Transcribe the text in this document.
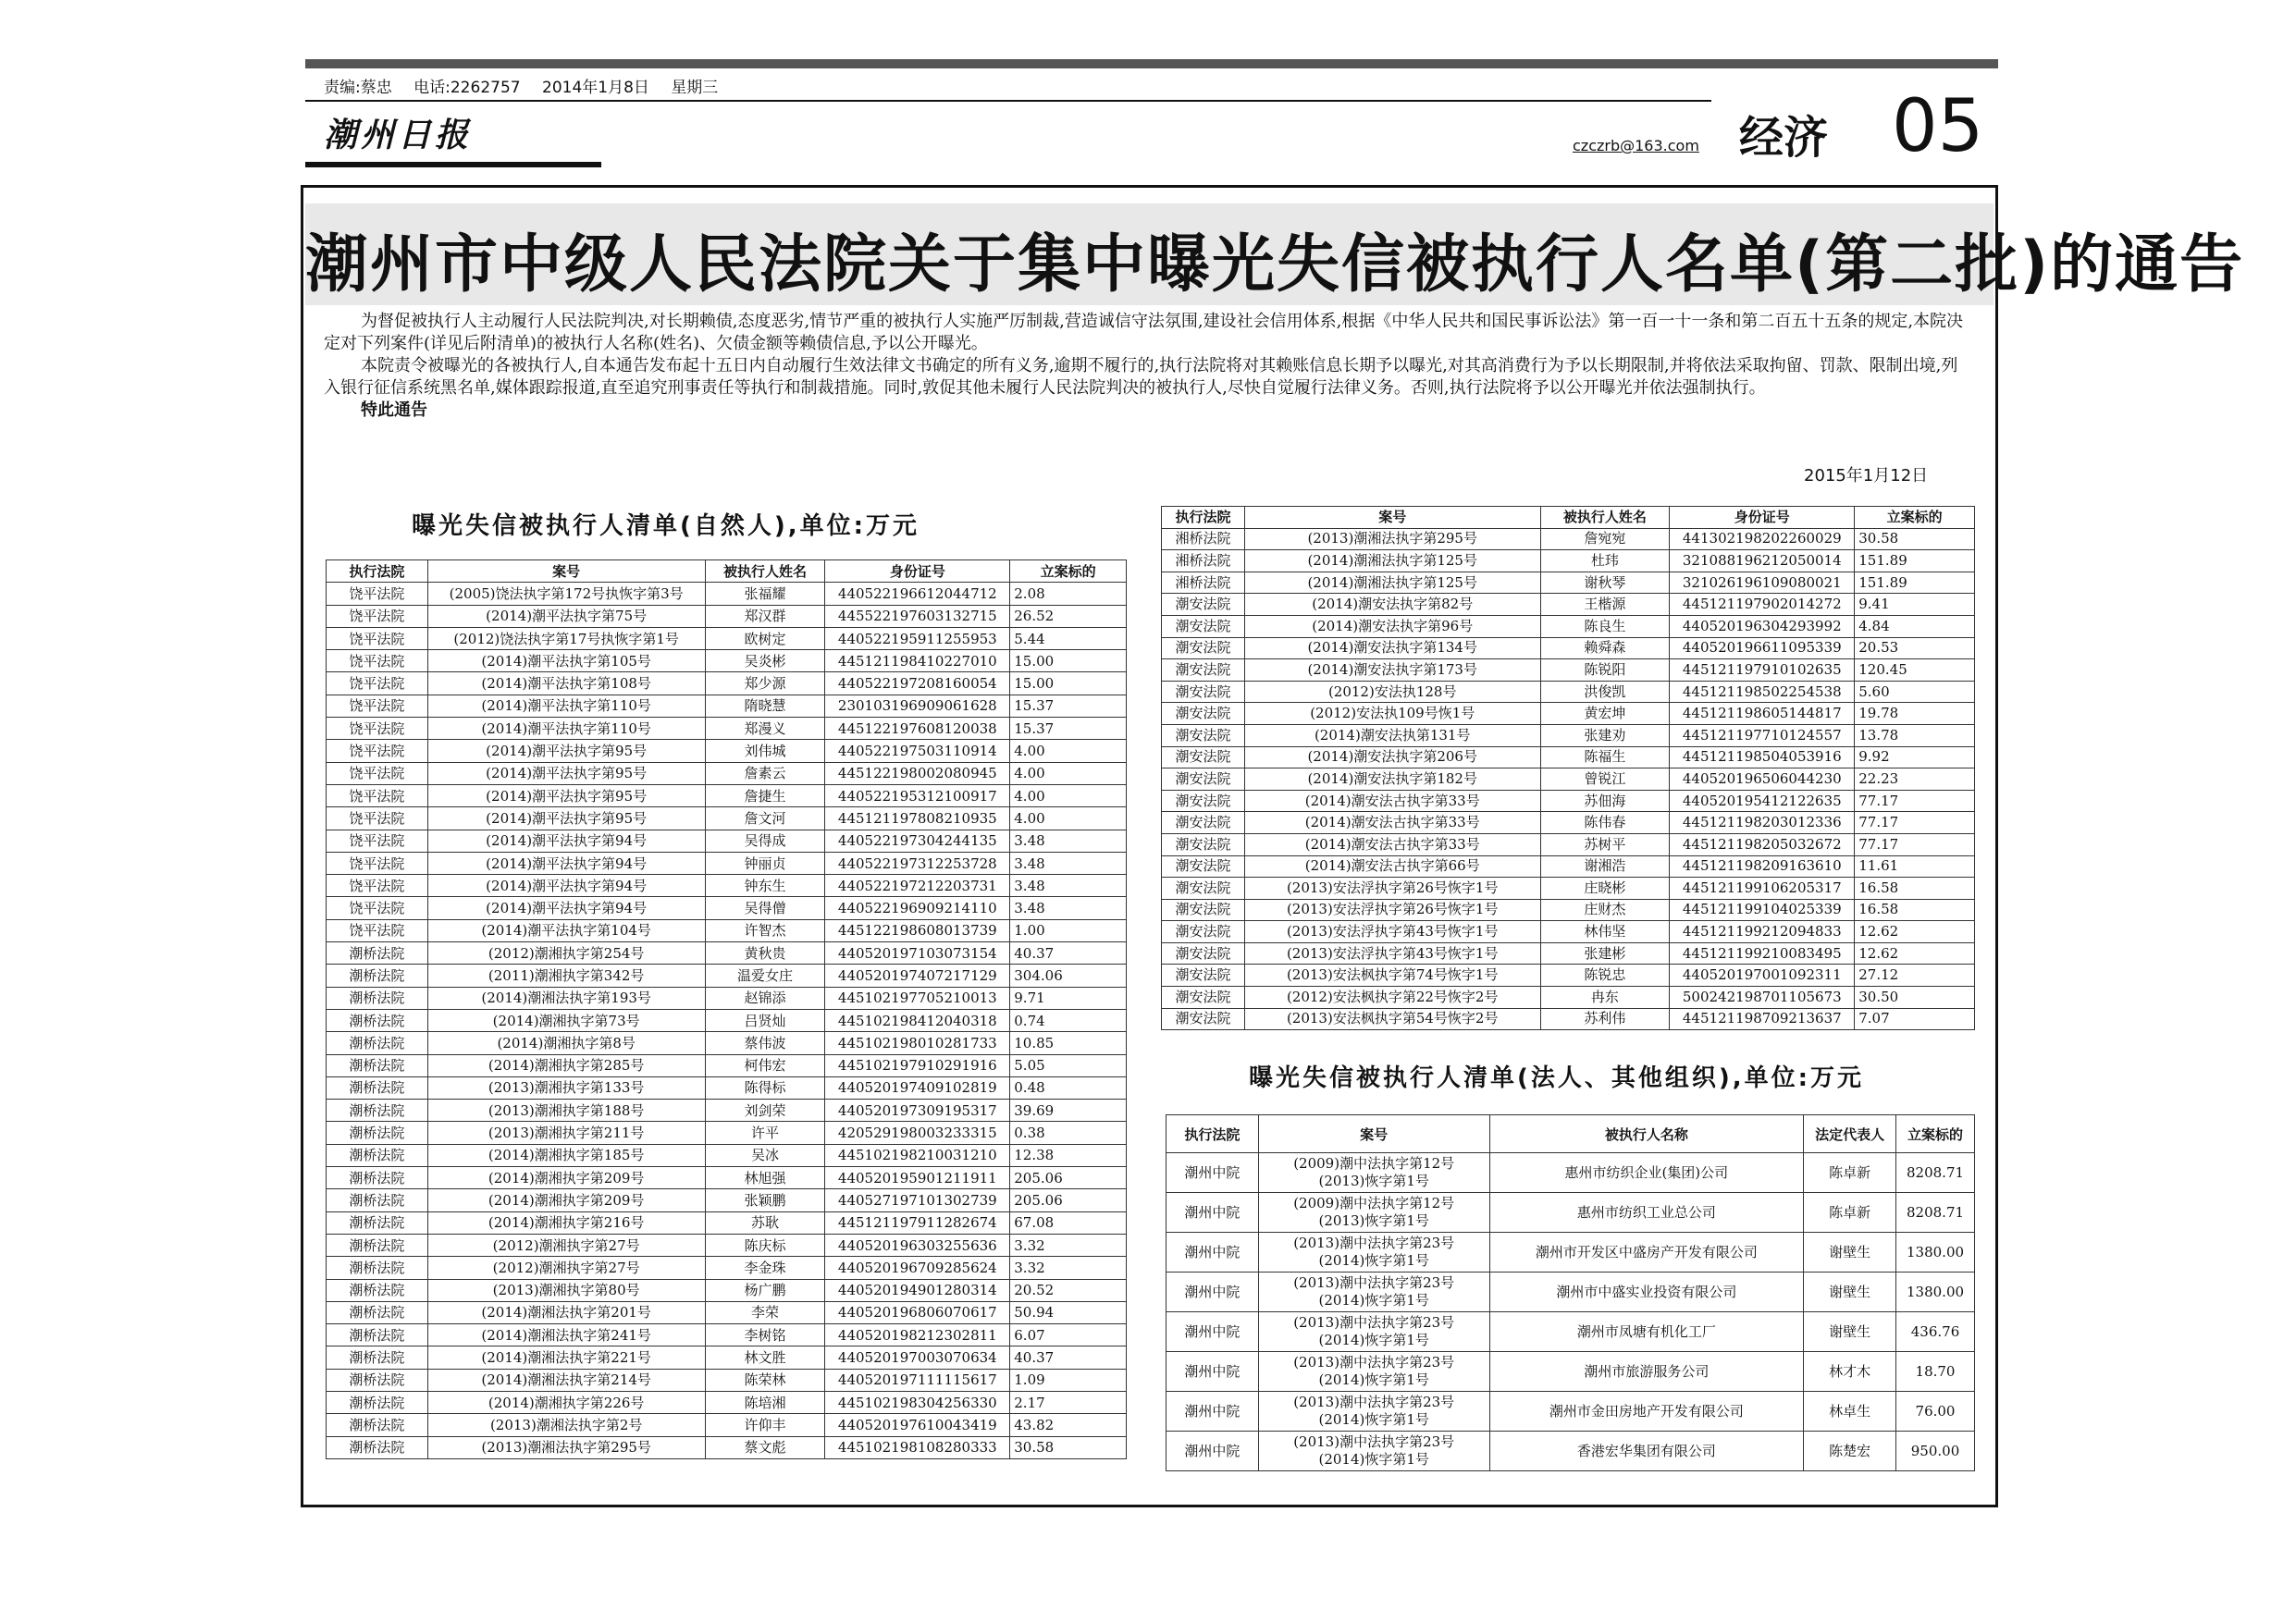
责编:蔡忠 电话:2262757 2014年1月8日 星期三
潮州日报	czczrb@163.com 经济 05
潮州市中级人民法院关于集中曝光失信被执行人名单(第二批)的通告

为督促被执行人主动履行人民法院判决,对长期赖债,态度恶劣,情节严重的被执行人实施严厉制裁,营造诚信守法氛围,建设社会信用体系,根据《中华人民共和国民事诉讼法》第一百一十一条和第二百五十五条的规定,本院决定对下列案件(详见后附清单)的被执行人名称(姓名)、欠债金额等赖债信息,予以公开曝光。

本院责令被曝光的各被执行人,自本通告发布起十五日内自动履行生效法律文书确定的所有义务,逾期不履行的,执行法院将对其赖账信息长期予以曝光,对其高消费行为予以长期限制,并将依法采取拘留、罚款、限制出境,列入银行征信系统黑名单,媒体跟踪报道,直至追究刑事责任等执行和制裁措施。同时,敦促其他未履行人民法院判决的被执行人,尽快自觉履行法律义务。否则,执行法院将予以公开曝光并依法强制执行。

特此通告

2015年1月12日
曝光失信被执行人清单(自然人),单位:万元
执行法院	案号	被执行人姓名	身份证号	立案标的
饶平法院	(2005)饶法执字第172号执恢字第3号	张福耀	440522196612044712	2.08
饶平法院	(2014)潮平法执字第75号	郑汉群	445522197603132715	26.52
饶平法院	(2012)饶法执字第17号执恢字第1号	欧树定	440522195911255953	5.44
饶平法院	(2014)潮平法执字第105号	吴炎彬	445121198410227010	15.00
饶平法院	(2014)潮平法执字第108号	郑少源	440522197208160054	15.00
饶平法院	(2014)潮平法执字第110号	隋晓慧	230103196909061628	15.37
饶平法院	(2014)潮平法执字第110号	郑漫义	445122197608120038	15.37
饶平法院	(2014)潮平法执字第95号	刘伟城	440522197503110914	4.00
饶平法院	(2014)潮平法执字第95号	詹素云	445122198002080945	4.00
饶平法院	(2014)潮平法执字第95号	詹捷生	440522195312100917	4.00
饶平法院	(2014)潮平法执字第95号	詹文河	445121197808210935	4.00
饶平法院	(2014)潮平法执字第94号	吴得成	440522197304244135	3.48
饶平法院	(2014)潮平法执字第94号	钟丽贞	440522197312253728	3.48
饶平法院	(2014)潮平法执字第94号	钟东生	440522197212203731	3.48
饶平法院	(2014)潮平法执字第94号	吴得僧	440522196909214110	3.48
饶平法院	(2014)潮平法执字第104号	许智杰	445122198608013739	1.00
潮桥法院	(2012)潮湘执字第254号	黄秋贵	440520197103073154	40.37
潮桥法院	(2011)潮湘执字第342号	温爱女庄	440520197407217129	304.06
潮桥法院	(2014)潮湘法执字第193号	赵锦添	445102197705210013	9.71
潮桥法院	(2014)潮湘执字第73号	吕贤灿	445102198412040318	0.74
潮桥法院	(2014)潮湘执字第8号	蔡伟波	445102198010281733	10.85
潮桥法院	(2014)潮湘执字第285号	柯伟宏	445102197910291916	5.05
潮桥法院	(2013)潮湘执字第133号	陈得标	440520197409102819	0.48
潮桥法院	(2013)潮湘执字第188号	刘剑荣	440520197309195317	39.69
潮桥法院	(2013)潮湘执字第211号	许平	420529198003233315	0.38
潮桥法院	(2014)潮湘执字第185号	吴冰	445102198210031210	12.38
潮桥法院	(2014)潮湘执字第209号	林旭强	440520195901211911	205.06
潮桥法院	(2014)潮湘执字第209号	张颖鹏	440527197101302739	205.06
潮桥法院	(2014)潮湘执字第216号	苏耿	445121197911282674	67.08
潮桥法院	(2012)潮湘执字第27号	陈庆标	440520196303255636	3.32
潮桥法院	(2012)潮湘执字第27号	李金珠	440520196709285624	3.32
潮桥法院	(2013)潮湘执字第80号	杨广鹏	440520194901280314	20.52
潮桥法院	(2014)潮湘法执字第201号	李荣	440520196806070617	50.94
潮桥法院	(2014)潮湘法执字第241号	李树铭	440520198212302811	6.07
潮桥法院	(2014)潮湘法执字第221号	林文胜	440520197003070634	40.37
潮桥法院	(2014)潮湘法执字第214号	陈荣林	440520197111115617	1.09
潮桥法院	(2014)潮湘执字第226号	陈培湘	445102198304256330	2.17
潮桥法院	(2013)潮湘法执字第2号	许仰丰	440520197610043419	43.82
潮桥法院	(2013)潮湘法执字第295号	蔡文彪	445102198108280333	30.58
执行法院	案号	被执行人姓名	身份证号	立案标的
湘桥法院	(2013)潮湘法执字第295号	詹宛宛	441302198202260029	30.58
湘桥法院	(2014)潮湘法执字第125号	杜玮	321088196212050014	151.89
湘桥法院	(2014)潮湘法执字第125号	谢秋琴	321026196109080021	151.89
潮安法院	(2014)潮安法执字第82号	王楷源	445121197902014272	9.41
潮安法院	(2014)潮安法执字第96号	陈良生	440520196304293992	4.84
潮安法院	(2014)潮安法执字第134号	赖舜森	440520196611095339	20.53
潮安法院	(2014)潮安法执字第173号	陈锐阳	445121197910102635	120.45
潮安法院	(2012)安法执128号	洪俊凯	445121198502254538	5.60
潮安法院	(2012)安法执109号恢1号	黄宏坤	445121198605144817	19.78
潮安法院	(2014)潮安法执第131号	张建劝	445121197710124557	13.78
潮安法院	(2014)潮安法执字第206号	陈福生	445121198504053916	9.92
潮安法院	(2014)潮安法执字第182号	曾锐江	440520196506044230	22.23
潮安法院	(2014)潮安法古执字第33号	苏佃海	440520195412122635	77.17
潮安法院	(2014)潮安法古执字第33号	陈伟春	445121198203012336	77.17
潮安法院	(2014)潮安法古执字第33号	苏树平	445121198205032672	77.17
潮安法院	(2014)潮安法古执字第66号	谢湘浩	445121198209163610	11.61
潮安法院	(2013)安法浮执字第26号恢字1号	庄晓彬	445121199106205317	16.58
潮安法院	(2013)安法浮执字第26号恢字1号	庄财杰	445121199104025339	16.58
潮安法院	(2013)安法浮执字第43号恢字1号	林伟坚	445121199212094833	12.62
潮安法院	(2013)安法浮执字第43号恢字1号	张建彬	445121199210083495	12.62
潮安法院	(2013)安法枫执字第74号恢字1号	陈锐忠	440520197001092311	27.12
潮安法院	(2012)安法枫执字第22号恢字2号	冉东	500242198701105673	30.50
潮安法院	(2013)安法枫执字第54号恢字2号	苏利伟	445121198709213637	7.07
曝光失信被执行人清单(法人、其他组织),单位:万元
执行法院	案号	被执行人名称	法定代表人	立案标的
潮州中院	(2009)潮中法执字第12号
(2013)恢字第1号	惠州市纺织企业(集团)公司	陈卓新	8208.71
潮州中院	(2009)潮中法执字第12号
(2013)恢字第1号	惠州市纺织工业总公司	陈卓新	8208.71
潮州中院	(2013)潮中法执字第23号
(2014)恢字第1号	潮州市开发区中盛房产开发有限公司	谢壁生	1380.00
潮州中院	(2013)潮中法执字第23号
(2014)恢字第1号	潮州市中盛实业投资有限公司	谢壁生	1380.00
潮州中院	(2013)潮中法执字第23号
(2014)恢字第1号	潮州市凤塘有机化工厂	谢壁生	436.76
潮州中院	(2013)潮中法执字第23号
(2014)恢字第1号	潮州市旅游服务公司	林才木	18.70
潮州中院	(2013)潮中法执字第23号
(2014)恢字第1号	潮州市金田房地产开发有限公司	林卓生	76.00
潮州中院	(2013)潮中法执字第23号
(2014)恢字第1号	香港宏华集团有限公司	陈楚宏	950.00
